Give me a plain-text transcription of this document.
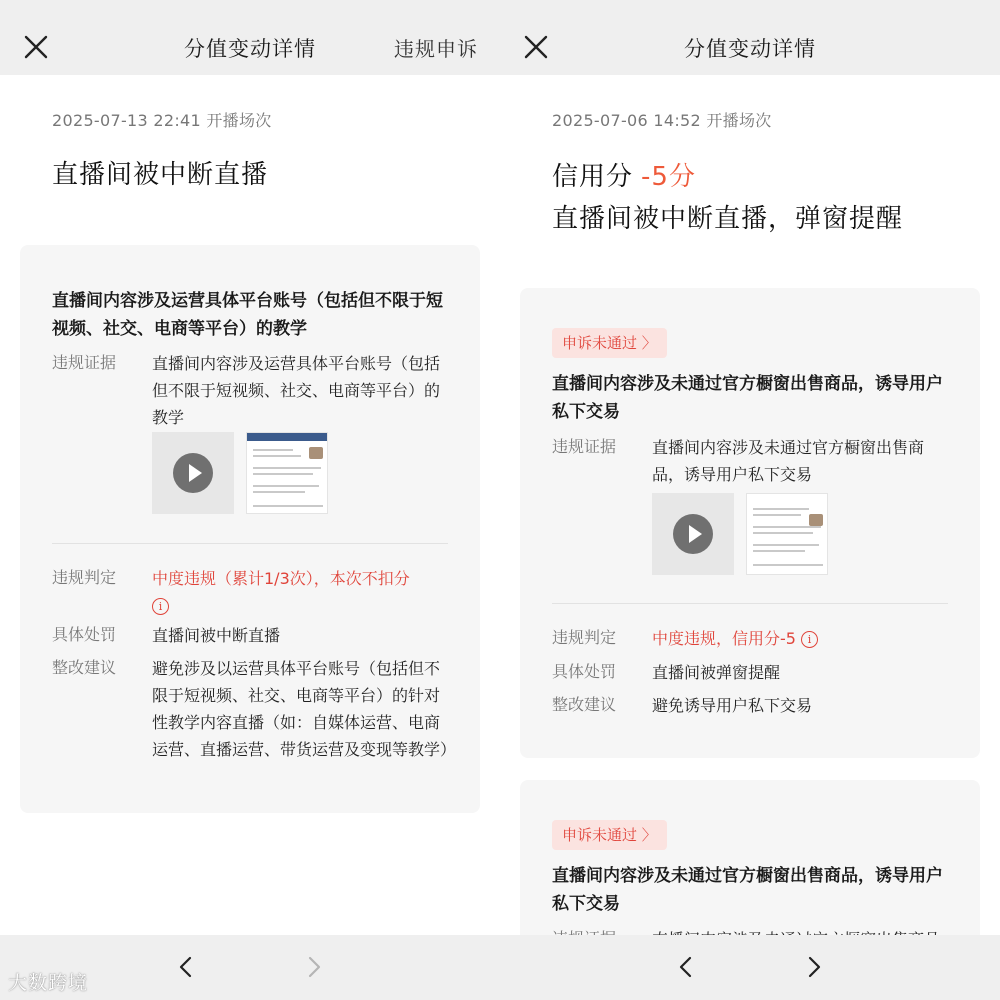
分值变动详情	违规申诉
2025-07-13 22:41 开播场次
直播间被中断直播
直播间内容涉及运营具体平台账号（包括但不限于短视频、社交、电商等平台）的教学
违规证据 直播间内容涉及运营具体平台账号（包括但不限于短视频、社交、电商等平台）的教学
违规判定 中度违规（累计1/3次），本次不扣分
i
具体处罚 直播间被中断直播
整改建议 避免涉及以运营具体平台账号（包括但不限于短视频、社交、电商等平台）的针对性教学内容直播（如：自媒体运营、电商运营、直播运营、带货运营及变现等教学）
分值变动详情
2025-07-06 14:52 开播场次
信用分 -5分
直播间被中断直播，弹窗提醒
申诉未通过 〉
直播间内容涉及未通过官方橱窗出售商品，诱导用户私下交易
违规证据 直播间内容涉及未通过官方橱窗出售商品，诱导用户私下交易
违规判定 中度违规，信用分-5 i
具体处罚 直播间被弹窗提醒
整改建议 避免诱导用户私下交易
申诉未通过 〉
直播间内容涉及未通过官方橱窗出售商品，诱导用户私下交易
大数跨境
